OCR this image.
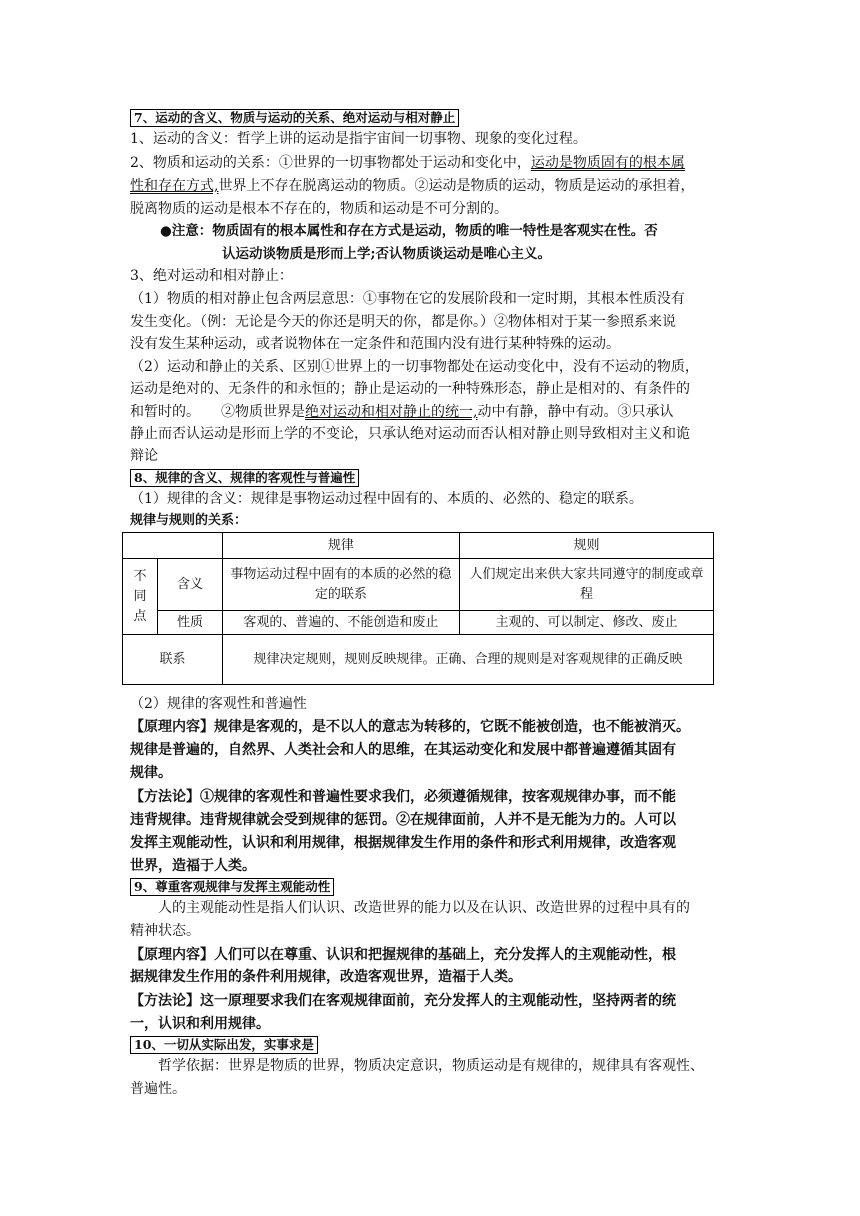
7、运动的含义、物质与运动的关系、绝对运动与相对静止
1、运动的含义：哲学上讲的运动是指宇宙间一切事物、现象的变化过程。
2、物质和运动的关系：①世界的一切事物都处于运动和变化中，运动是物质固有的根本属
性和存在方式,世界上不存在脱离运动的物质。②运动是物质的运动，物质是运动的承担着，
脱离物质的运动是根本不存在的，物质和运动是不可分割的。
●注意：物质固有的根本属性和存在方式是运动，物质的唯一特性是客观实在性。否
认运动谈物质是形而上学;否认物质谈运动是唯心主义。
3、绝对运动和相对静止：
（1）物质的相对静止包含两层意思：①事物在它的发展阶段和一定时期，其根本性质没有
发生变化。（例：无论是今天的你还是明天的你，都是你。）②物体相对于某一参照系来说
没有发生某种运动，或者说物体在一定条件和范围内没有进行某种特殊的运动。
（2）运动和静止的关系、区别①世界上的一切事物都处在运动变化中，没有不运动的物质，
运动是绝对的、无条件的和永恒的；静止是运动的一种特殊形态，静止是相对的、有条件的
和暂时的。　　②物质世界是绝对运动和相对静止的统一,动中有静，静中有动。③只承认
静止而否认运动是形而上学的不变论，只承认绝对运动而否认相对静止则导致相对主义和诡
辩论
8、规律的含义、规律的客观性与普遍性
（1）规律的含义：规律是事物运动过程中固有的、本质的、必然的、稳定的联系。
规律与规则的关系：
		规律	规则
不同点	含义	事物运动过程中固有的本质的必然的稳定的联系	人们规定出来供大家共同遵守的制度或章程
	性质	客观的、普遍的、不能创造和废止	主观的、可以制定、修改、废止
联系		规律决定规则，规则反映规律。正确、合理的规则是对客观规律的正确反映	
（2）规律的客观性和普遍性
【原理内容】规律是客观的，是不以人的意志为转移的，它既不能被创造，也不能被消灭。
规律是普遍的，自然界、人类社会和人的思维，在其运动变化和发展中都普遍遵循其固有
规律。
【方法论】①规律的客观性和普遍性要求我们，必须遵循规律，按客观规律办事，而不能
违背规律。违背规律就会受到规律的惩罚。②在规律面前，人并不是无能为力的。人可以
发挥主观能动性，认识和利用规律，根据规律发生作用的条件和形式利用规律，改造客观
世界，造福于人类。
9、尊重客观规律与发挥主观能动性
　　人的主观能动性是指人们认识、改造世界的能力以及在认识、改造世界的过程中具有的
精神状态。
【原理内容】人们可以在尊重、认识和把握规律的基础上，充分发挥人的主观能动性，根
据规律发生作用的条件利用规律，改造客观世界，造福于人类。
【方法论】这一原理要求我们在客观规律面前，充分发挥人的主观能动性，坚持两者的统
一，认识和利用规律。
10、一切从实际出发，实事求是
　　哲学依据：世界是物质的世界，物质决定意识，物质运动是有规律的，规律具有客观性、
普遍性。
